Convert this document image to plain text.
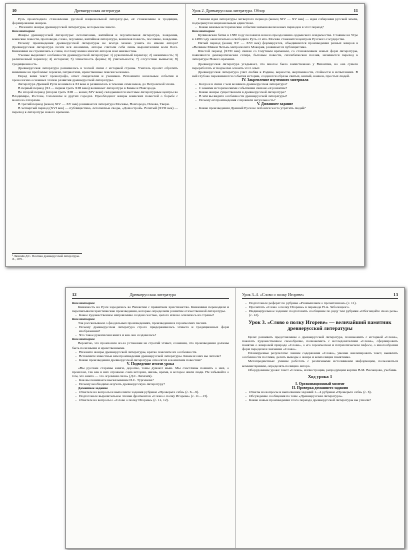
10	Древнерусская литература

Русь происходило становление русской национальной литерату-ры, её становление и традиции, формирование жанров.

– Назовите жанры древнерусской литературы, которые вы знаете.

Комментарии

Жанры древнерусской литературы: летописание, житийная и поучительная литература, хождения, воинские повести, проповеди, слово, поучение, житийная литература, воинская повесть, послание, хождение.

Почему произведения древнерусской литературы не всегда можно узнать по имени автора? Древнерусская литература почти вся анонимна, авторы считали себя лишь выразителями воли Бога. Книжники не стремились к славе, поэтому имена многих авторов нам неизвестны.

Ученые выделяют особенности древнерусской литературы: 1) рукописный характер; 2) анонимность; 3) религиозный характер; 4) историзм; 5) этикетность формы; 6) учительность; 7) отсутствие вымысла; 8) традиционность.

Древнерусская литература развивалась в тесной связи с историей страны. Учитель просит обратить внимание на проблемы: героизм, патриотизм, нравственные поиски человека.

Перед вами текст хронографа, ответ свидетелям и учеников. Вспомните начальные события и хронологию основных этапов развития древнерусской литературы.

Литература Древней Руси возникла в XI веке и развивалась в течение семи веков, до Петровской эпохи.

В первый период (XI — первая треть XIII века) возникает литература в Киеве и Новгороде.

Во второй период (вторая треть XIII — конец XIV века) складываются местные литературные центры во Владимире, Ростове, Смоленске и других городах. Преобладают жанры воинских повестей о борьбе с монголо-татарами.

В третий период (конец XIV — XV век) развивается литература Москвы, Новгорода, Пскова, Твери.

В четвертый период (XVI век) — публицистика, летописные своды, «Домострой». В пятый (XVII век) — переход к литературе нового времени.

¹ Лихачёв Д.С. Поэтика древнерусской литературы. Л., 1971.
Урок 2. Древнерусская литература. Обзор	11

Главная идея литературы четвертого периода (конец XIV — XV век) — идея собирания русской земли, подчеркнутая национальным единством.

– Какие важные исторические события знаменовали новых периодов в этот период?

Комментарии

Куликовская битва в 1380 году положила начало преодолению ордынского владычества. Стояние на Угре в 1480 году окончательно освободило Русь от ига. Москва становится центром Русского государства.

Пятый период (конец XV — XVI век) формируется, объединяются произведения разных жанров в «Великие Минеи Четьи» митрополита Макария, развивается публицистика.

Шестой период (XVII век) связан со Смутным временем, со становлением новых форм литературы, появляются демократическая сатира, бытовые повести, силлабическая поэзия, начинается переход к литературе Нового времени.

Древнерусская литература угадывает, что многое было заимствовано у Византии, но она сумела переработать и творчески освоить этот опыт.

Древнерусская литература учит любви к Родине, верности, жертвенности, стойкости в испытаниях. В ней глубоко переживаются события истории, создаются образы святых, князей, воинов, простых людей.

IV. Закрепление изученного материала

– Когда и в связи с чем возникла древнерусская литература?

– С какими историческими событиями связано её развитие?

– Какие жанры существовали в древнерусской литературе?

– В чём вы видите особенности древнерусской литературы?

– Почему её произведения сохранили актуальность?

V. Домашнее задание

– Какие произведения Древней Руси не побоялся часто утратить людей?

12	Древнерусская литература

Комментарии

Книжность на Руси зародилась во Византии с принятием христианства. Книжники переводили и переписывали христианские произведения, которые определили развитие отечественной литературы.

– Какое художественное направление создано частью, целого или не осилилось из страны?

Комментарии

Так рассказываем о феодальных произведениях, произведения в героических песнях.

– Почему древнерусская литература строго придерживалась этикета и традиционных форм изображения?

– Что такое рукописная книга и как она создавалась?

Комментарии

Вероятно, это произошло из-за установки на строгий этикет, сознания, что произведения должны быть полезными и нравственными.

– Назовите жанры древнерусской литературы, кратко поясните их особенности.

– Вспомните известные вам произведения древнерусской литературы. Какие из них вы читали?

– Какие произведения древнерусской литературы относятся к воинским повестям?

V. Подведение итогов урока

«Вы русские старины книги, дорогие, томы думают мыш. Мы счастливы помнить о них, о прошлом, так как в них отражено сама история, жизнь, время, в которое жили люди. Не забывайте о том, что книга — это огромная сила» (Д.С. Лихачёв).

– Как вы понимаете высказывание И.С. Тургенева?

– Почему необходимо изучать древнерусскую литературу?

Домашнее задание

– Ответьте на вопросы и выполните задания рубрики «Проверьте себя» (с. 6—9).

– Подготовьте выразительное чтение фрагментов «Слова о полку Игореве» (с. 11—13).

– Ответьте на вопросы о «Слове о полку Игореве» (с. 11, 12).

Урок 3–4. «Слово о полку Игореве»	13

– Подготовьте реферат по рубрике «Размышляем о прочитанном» (с. 11).

– Прочитать «Слово о полку Игореве» в переводе Н.А. Заболоцкого.

– Индивидуальное задание: подготовить сообщение по ряду тем рубрики «Обогащайте свою речь» (с. 12).

Урок 3. «Слово о полку Игореве» — величайший памятник древнерусской литературы

Цели: развивать представление о древнерусской литературе, познакомить с историей «Слова», показать художественное своеобразие, познакомить с исследователями «Слова», сформировать понятие о жанровой природе «Слова», о его героическом и патриотическом пафосе, о многообразии форм передачи и значении «Слова».

Планируемые результаты: знание содержания «Слова», умение анализировать текст, выявлять особенности поэтики, делать выводы о жанре и композиции памятника.

Метапредметные: умение работать с различными источниками информации, пользоваться комментариями, определять позицию автора.

Оборудование урока: текст «Слова», иллюстрации, репродукции картин В.М. Васнецова, учебник.

Ход урока 1

I. Организационный момент

II. Проверка домашнего задания

– Ответы на вопросы и выполнение заданий 1—4 рубрики «Проверьте себя» (с. 6).

– Обсуждение сообщения по теме «Древнерусская литература».

– Какие новые произведения этого периода древнерусской литературы вы узнали?
